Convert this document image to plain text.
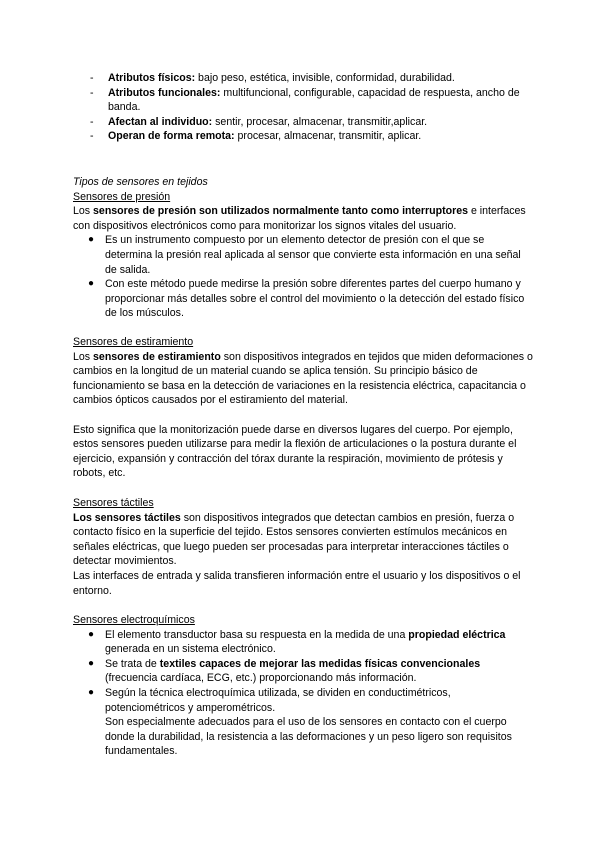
- Atributos físicos: bajo peso, estética, invisible, conformidad, durabilidad.
- Atributos funcionales: multifuncional, configurable, capacidad de respuesta, ancho de banda.
- Afectan al individuo: sentir, procesar, almacenar, transmitir,aplicar.
- Operan de forma remota: procesar, almacenar, transmitir, aplicar.
Tipos de sensores en tejidos
Sensores de presión

Los sensores de presión son utilizados normalmente tanto como interruptores e interfaces con dispositivos electrónicos como para monitorizar los signos vitales del usuario.

● Es un instrumento compuesto por un elemento detector de presión con el que se determina la presión real aplicada al sensor que convierte esta información en una señal de salida.
● Con este método puede medirse la presión sobre diferentes partes del cuerpo humano y proporcionar más detalles sobre el control del movimiento o la detección del estado físico de los músculos.
Sensores de estiramiento

Los sensores de estiramiento son dispositivos integrados en tejidos que miden deformaciones o cambios en la longitud de un material cuando se aplica tensión. Su principio básico de funcionamiento se basa en la detección de variaciones en la resistencia eléctrica, capacitancia o cambios ópticos causados por el estiramiento del material.

Esto significa que la monitorización puede darse en diversos lugares del cuerpo. Por ejemplo, estos sensores pueden utilizarse para medir la flexión de articulaciones o la postura durante el ejercicio, expansión y contracción del tórax durante la respiración, movimiento de prótesis y robots, etc.

Sensores táctiles

Los sensores táctiles son dispositivos integrados que detectan cambios en presión, fuerza o contacto físico en la superficie del tejido. Estos sensores convierten estímulos mecánicos en señales eléctricas, que luego pueden ser procesadas para interpretar interacciones táctiles o detectar movimientos.

Las interfaces de entrada y salida transfieren información entre el usuario y los dispositivos o el entorno.

Sensores electroquímicos
● El elemento transductor basa su respuesta en la medida de una propiedad eléctrica generada en un sistema electrónico.
● Se trata de textiles capaces de mejorar las medidas físicas convencionales (frecuencia cardíaca, ECG, etc.) proporcionando más información.
● Según la técnica electroquímica utilizada, se dividen en conductimétricos, potenciométricos y amperométricos.
Son especialmente adecuados para el uso de los sensores en contacto con el cuerpo donde la durabilidad, la resistencia a las deformaciones y un peso ligero son requisitos fundamentales.
